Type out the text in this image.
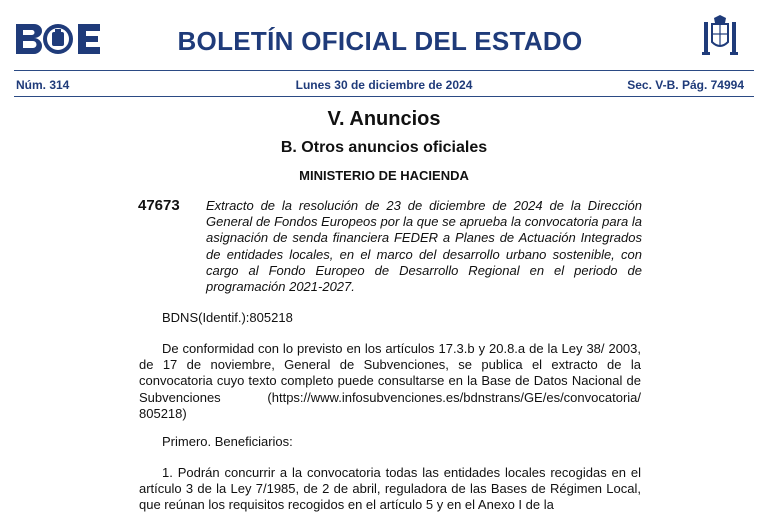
BOLETÍN OFICIAL DEL ESTADO
Núm. 314	Lunes 30 de diciembre de 2024	Sec. V-B. Pág. 74994
V. Anuncios
B. Otros anuncios oficiales
MINISTERIO DE HACIENDA
47673 Extracto de la resolución de 23 de diciembre de 2024 de la Dirección General de Fondos Europeos por la que se aprueba la convocatoria para la asignación de senda financiera FEDER a Planes de Actuación Integrados de entidades locales, en el marco del desarrollo urbano sostenible, con cargo al Fondo Europeo de Desarrollo Regional en el periodo de programación 2021-2027.
BDNS(Identif.):805218
De conformidad con lo previsto en los artículos 17.3.b y 20.8.a de la Ley 38/ 2003, de 17 de noviembre, General de Subvenciones, se publica el extracto de la convocatoria cuyo texto completo puede consultarse en la Base de Datos Nacional de Subvenciones (https://www.infosubvenciones.es/bdnstrans/GE/es/convocatoria/ 805218)
Primero. Beneficiarios:
1. Podrán concurrir a la convocatoria todas las entidades locales recogidas en el artículo 3 de la Ley 7/1985, de 2 de abril, reguladora de las Bases de Régimen Local, que reúnan los requisitos recogidos en el artículo 5 y en el Anexo I de la
